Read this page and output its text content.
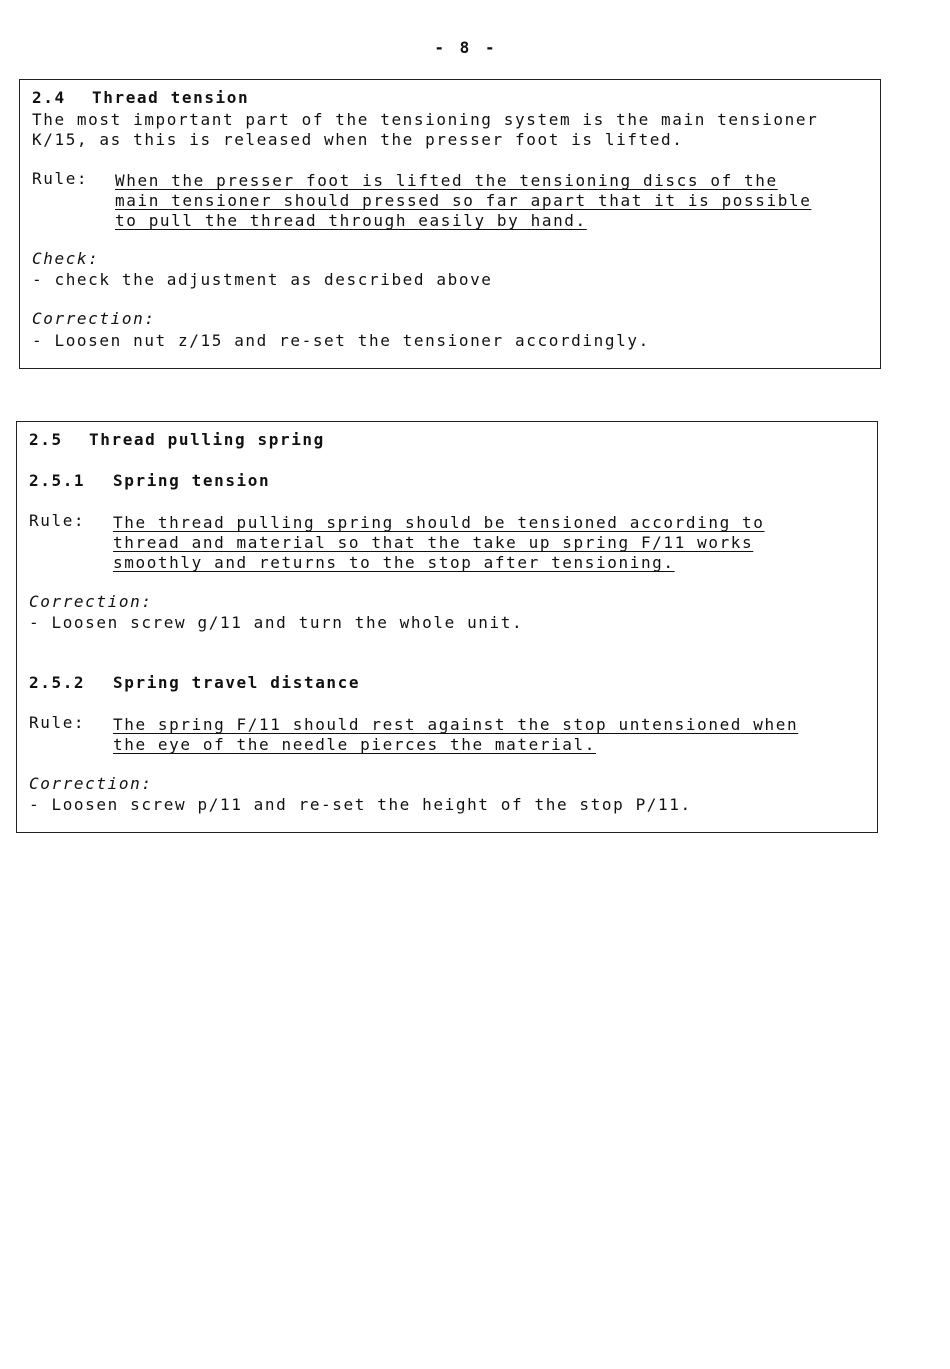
- 8 -
2.4 Thread tension
The most important part of the tensioning system is the main tensioner
K/15, as this is released when the presser foot is lifted.
Rule: When the presser foot is lifted the tensioning discs of the
main tensioner should pressed so far apart that it is possible
to pull the thread through easily by hand.
Check:
- check the adjustment as described above
Correction:
- Loosen nut z/15 and re-set the tensioner accordingly.
2.5 Thread pulling spring
2.5.1 Spring tension
Rule: The thread pulling spring should be tensioned according to
thread and material so that the take up spring F/11 works
smoothly and returns to the stop after tensioning.
Correction:
- Loosen screw g/11 and turn the whole unit.
2.5.2 Spring travel distance
Rule: The spring F/11 should rest against the stop untensioned when
the eye of the needle pierces the material.
Correction:
- Loosen screw p/11 and re-set the height of the stop P/11.
